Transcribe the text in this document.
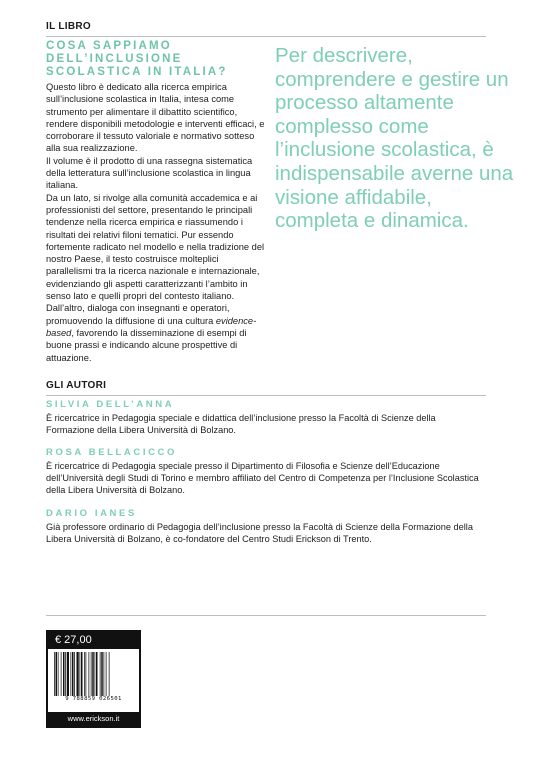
IL LIBRO
COSA SAPPIAMO
DELL’INCLUSIONE
SCOLASTICA IN ITALIA?

Questo libro è dedicato alla ricerca empirica sull’inclusione scolastica in Italia, intesa come strumento per alimentare il dibattito scientifico, rendere disponibili metodologie e interventi efficaci, e corroborare il tessuto valoriale e normativo sotteso alla sua realizzazione.

Il volume è il prodotto di una rassegna sistematica della letteratura sull’inclusione scolastica in lingua italiana.

Da un lato, si rivolge alla comunità accademica e ai professionisti del settore, presentando le principali tendenze nella ricerca empirica e riassumendo i risultati dei relativi filoni tematici. Pur essendo fortemente radicato nel modello e nella tradizione del nostro Paese, il testo costruisce molteplici parallelismi tra la ricerca nazionale e internazionale, evidenziando gli aspetti caratterizzanti l’ambito in senso lato e quelli propri del contesto italiano.

Dall’altro, dialoga con insegnanti e operatori, promuovendo la diffusione di una cultura evidence-based, favorendo la disseminazione di esempi di buone prassi e indicando alcune prospettive di attuazione.

Per descrivere, comprendere e gestire un processo altamente complesso come l’inclusione scolastica, è indispensabile averne una visione affidabile, completa e dinamica.
GLI AUTORI
SILVIA DELL’ANNA
È ricercatrice in Pedagogia speciale e didattica dell’inclusione presso la Facoltà di Scienze della Formazione della Libera Università di Bolzano.
ROSA BELLACICCO
È ricercatrice di Pedagogia speciale presso il Dipartimento di Filosofia e Scienze dell’Educazione dell’Università degli Studi di Torino e membro affiliato del Centro di Competenza per l’Inclusione Scolastica della Libera Università di Bolzano.
DARIO IANES
Già professore ordinario di Pedagogia dell’inclusione presso la Facoltà di Scienze della Formazione della Libera Università di Bolzano, è co-fondatore del Centro Studi Erickson di Trento.
€ 27,00
9 788859 026501
www.erickson.it
